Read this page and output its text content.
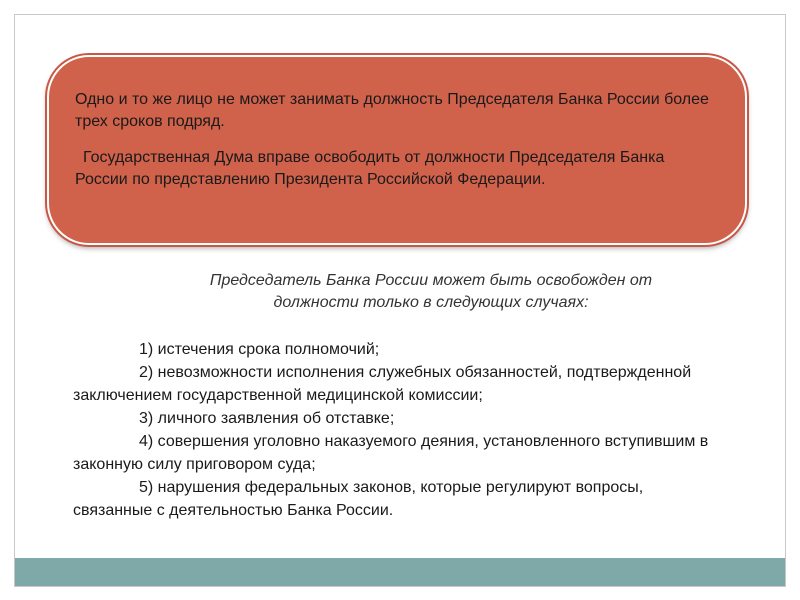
Одно и то же лицо не может занимать должность Председателя Банка России более трех сроков подряд.

Государственная Дума вправе освободить от должности Председателя Банка России по представлению Президента Российской Федерации.

Председатель Банка России может быть освобожден от
должности только в следующих случаях:
1) истечения срока полномочий;
2) невозможности исполнения служебных обязанностей, подтвержденной заключением государственной медицинской комиссии;
3) личного заявления об отставке;
4) совершения уголовно наказуемого деяния, установленного вступившим в законную силу приговором суда;
5) нарушения федеральных законов, которые регулируют вопросы, связанные с деятельностью Банка России.
